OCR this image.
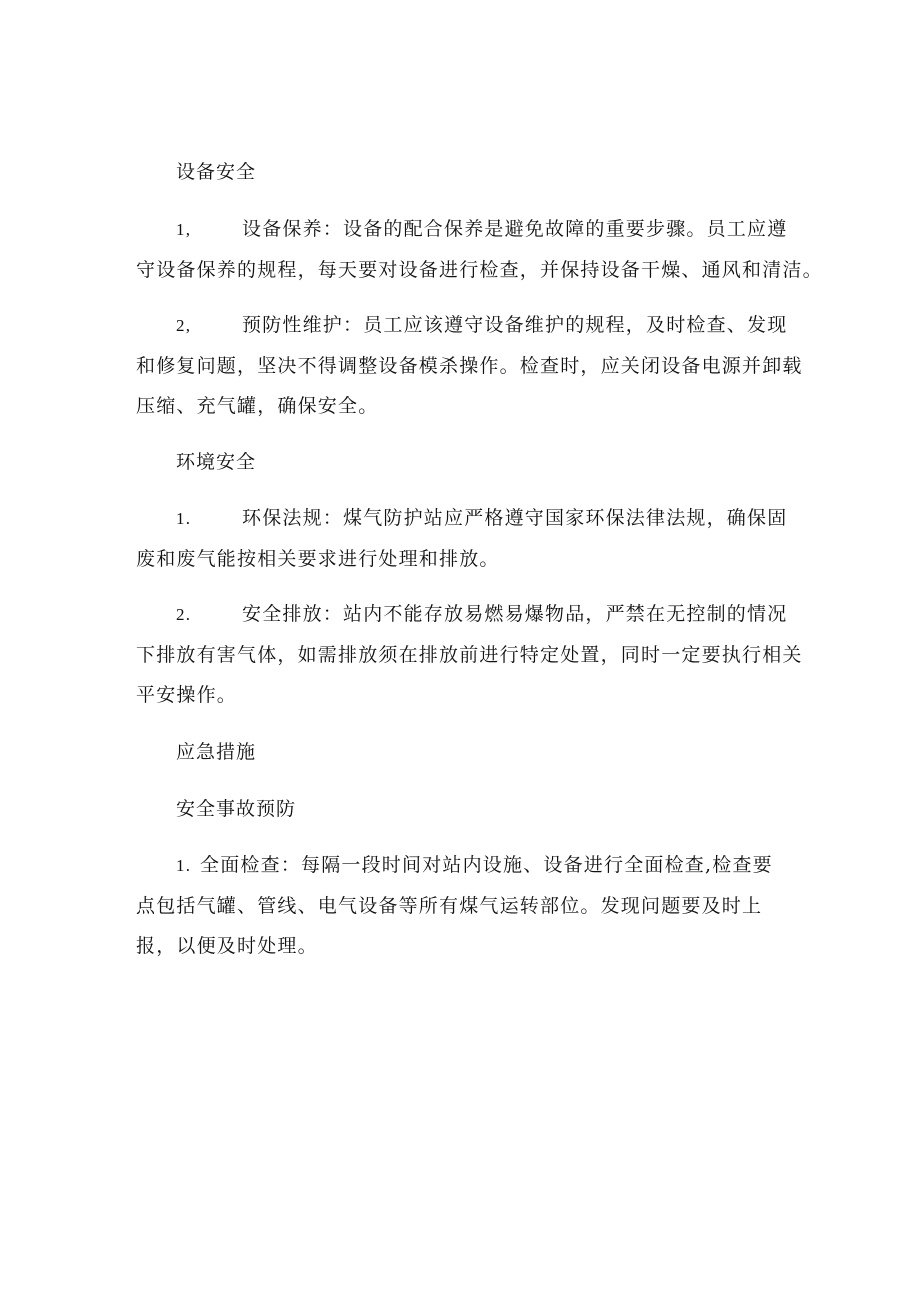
设备安全
1,	设备保养：设备的配合保养是避免故障的重要步骤。员工应遵
守设备保养的规程，每天要对设备进行检查，并保持设备干燥、通风和清洁。
2,	预防性维护：员工应该遵守设备维护的规程，及时检查、发现
和修复问题，坚决不得调整设备模杀操作。检查时，应关闭设备电源并卸载
压缩、充气罐，确保安全。
环境安全
1.	环保法规：煤气防护站应严格遵守国家环保法律法规，确保固
废和废气能按相关要求进行处理和排放。
2.	安全排放：站内不能存放易燃易爆物品，严禁在无控制的情况
下排放有害气体，如需排放须在排放前进行特定处置，同时一定要执行相关
平安操作。
应急措施
安全事故预防
1. 全面检查：每隔一段时间对站内设施、设备进行全面检查,检查要
点包括气罐、管线、电气设备等所有煤气运转部位。发现问题要及时上
报，以便及时处理。
